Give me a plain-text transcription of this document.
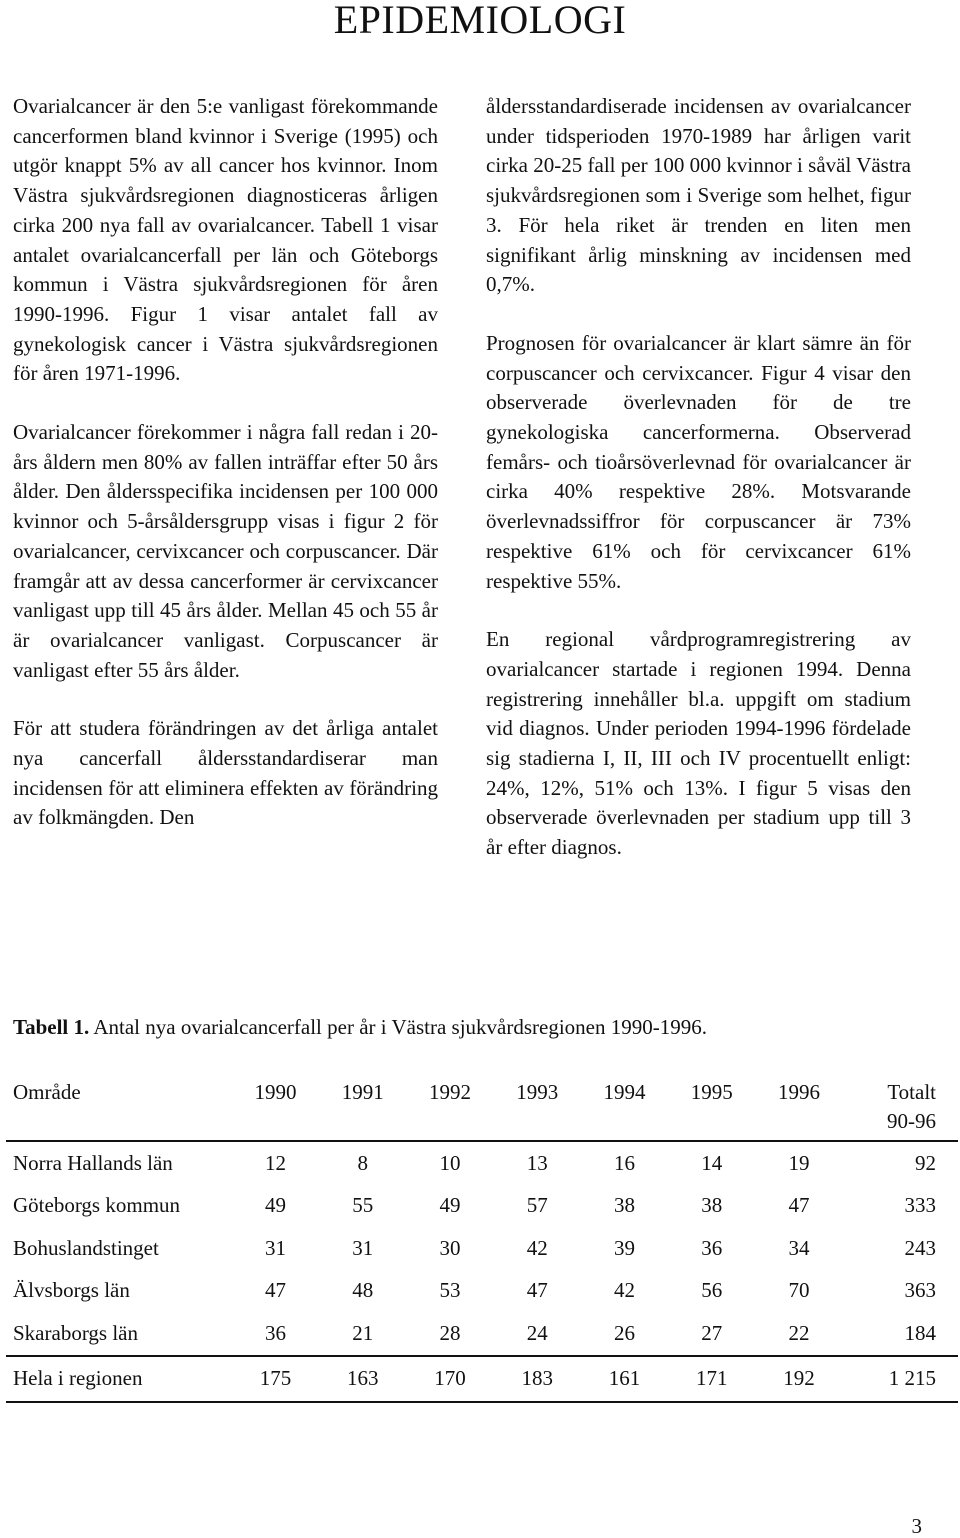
EPIDEMIOLOGI

Ovarialcancer är den 5:e vanligast förekommande cancerformen bland kvinnor i Sverige (1995) och utgör knappt 5% av all cancer hos kvinnor. Inom Västra sjukvårdsregionen diagnosticeras årligen cirka 200 nya fall av ovarialcancer. Tabell 1 visar antalet ovarialcancerfall per län och Göteborgs kommun i Västra sjukvårdsregionen för åren 1990-1996. Figur 1 visar antalet fall av gynekologisk cancer i Västra sjukvårdsregionen för åren 1971-1996.

Ovarialcancer förekommer i några fall redan i 20-års åldern men 80% av fallen inträffar efter 50 års ålder. Den åldersspecifika incidensen per 100 000 kvinnor och 5-årsåldersgrupp visas i figur 2 för ovarialcancer, cervixcancer och corpuscancer. Där framgår att av dessa cancerformer är cervixcancer vanligast upp till 45 års ålder. Mellan 45 och 55 år är ovarialcancer vanligast. Corpuscancer är vanligast efter 55 års ålder.

För att studera förändringen av det årliga antalet nya cancerfall åldersstandardiserar man incidensen för att eliminera effekten av förändring av folkmängden. Den

åldersstandardiserade incidensen av ovarialcancer under tidsperioden 1970-1989 har årligen varit cirka 20-25 fall per 100 000 kvinnor i såväl Västra sjukvårdsregionen som i Sverige som helhet, figur 3. För hela riket är trenden en liten men signifikant årlig minskning av incidensen med 0,7%.

Prognosen för ovarialcancer är klart sämre än för corpuscancer och cervixcancer. Figur 4 visar den observerade överlevnaden för de tre gynekologiska cancerformerna. Observerad femårs- och tioårsöverlevnad för ovarialcancer är cirka 40% respektive 28%. Motsvarande överlevnadssiffror för corpuscancer är 73% respektive 61% och för cervixcancer 61% respektive 55%.

En regional vårdprogramregistrering av ovarialcancer startade i regionen 1994. Denna registrering innehåller bl.a. uppgift om stadium vid diagnos. Under perioden 1994-1996 fördelade sig stadierna I, II, III och IV procentuellt enligt: 24%, 12%, 51% och 13%. I figur 5 visas den observerade överlevnaden per stadium upp till 3 år efter diagnos.

Tabell 1. Antal nya ovarialcancerfall per år i Västra sjukvårdsregionen 1990-1996.
Område	1990	1991	1992	1993	1994	1995	1996	Totalt
90-96

Norra Hallands län	12	8	10	13	16	14	19	92
Göteborgs kommun	49	55	49	57	38	38	47	333
Bohuslandstinget	31	31	30	42	39	36	34	243
Älvsborgs län	47	48	53	47	42	56	70	363
Skaraborgs län	36	21	28	24	26	27	22	184
Hela i regionen	175	163	170	183	161	171	192	1 215
3
